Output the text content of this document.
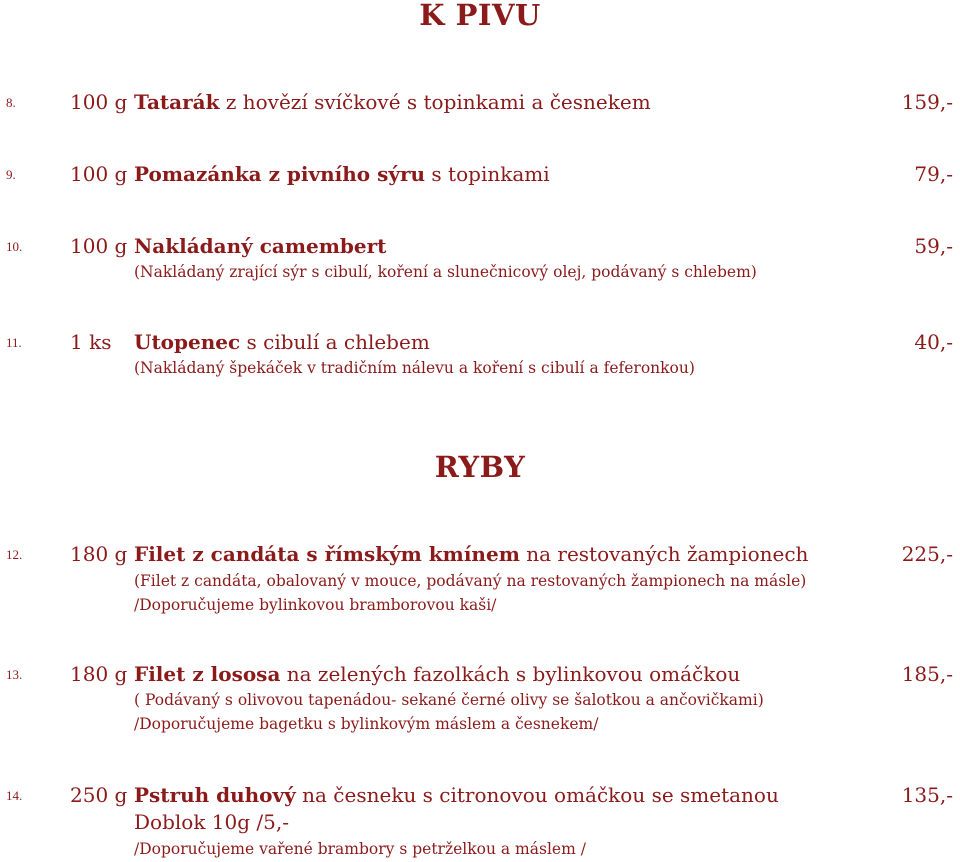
K PIVU
8.	100 g Tatarák z hovězí svíčkové s topinkami a česnekem	159,-
9.	100 g Pomazánka z pivního sýru s topinkami	79,-
10. 100 g Nakládaný camembert	59,-
(Nakládaný zrající sýr s cibulí, koření a slunečnicový olej, podávaný s chlebem)
11. 1 ks Utopenec s cibulí a chlebem	40,-
(Nakládaný špekáček v tradičním nálevu a koření s cibulí a feferonkou)
RYBY
12. 180 g Filet z candáta s římským kmínem na restovaných žampionech	225,-
(Filet z candáta, obalovaný v mouce, podávaný na restovaných žampionech na másle)
/Doporučujeme bylinkovou bramborovou kaši/
13. 180 g Filet z lososa na zelených fazolkách s bylinkovou omáčkou	185,-
( Podávaný s olivovou tapenádou- sekané černé olivy se šalotkou a ančovičkami)
/Doporučujeme bagetku s bylinkovým máslem a česnekem/
14. 250 g Pstruh duhový na česneku s citronovou omáčkou se smetanou	135,-
Doblok 10g /5,-
/Doporučujeme vařené brambory s petrželkou a máslem /
